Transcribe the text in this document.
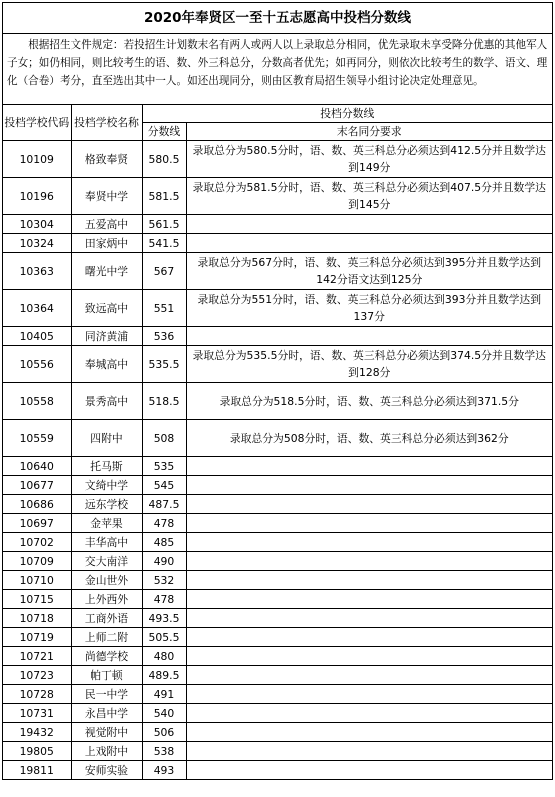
2020年奉贤区一至十五志愿高中投档分数线
根据招生文件规定：若投招生计划数末名有两人或两人以上录取总分相同，优先录取未享受降分优惠的其他军人子女；如仍相同，则比较考生的语、数、外三科总分，分数高者优先；如再同分，则依次比较考生的数学、语文、理化（合卷）考分，直至选出其中一人。如还出现同分，则由区教育局招生领导小组讨论决定处理意见。
投档学校代码	投档学校名称	投档分数线	
		分数线	末名同分要求
10109	格致奉贤	580.5	录取总分为580.5分时，语、数、英三科总分必须达到412.5分并且数学达到149分
10196	奉贤中学	581.5	录取总分为581.5分时，语、数、英三科总分必须达到407.5分并且数学达到145分
10304	五爱高中	561.5	
10324	田家炳中	541.5	
10363	曙光中学	567	录取总分为567分时，语、数、英三科总分必须达到395分并且数学达到142分语文达到125分
10364	致远高中	551	录取总分为551分时，语、数、英三科总分必须达到393分并且数学达到137分
10405	同济黄浦	536	
10556	奉城高中	535.5	录取总分为535.5分时，语、数、英三科总分必须达到374.5分并且数学达到128分
10558	景秀高中	518.5	录取总分为518.5分时，语、数、英三科总分必须达到371.5分
10559	四附中	508	录取总分为508分时，语、数、英三科总分必须达到362分
10640	托马斯	535	
10677	文绮中学	545	
10686	远东学校	487.5	
10697	金苹果	478	
10702	丰华高中	485	
10709	交大南洋	490	
10710	金山世外	532	
10715	上外西外	478	
10718	工商外语	493.5	
10719	上师二附	505.5	
10721	尚德学校	480	
10723	帕丁顿	489.5	
10728	民一中学	491	
10731	永昌中学	540	
19432	视觉附中	506	
19805	上戏附中	538	
19811	安师实验	493	
